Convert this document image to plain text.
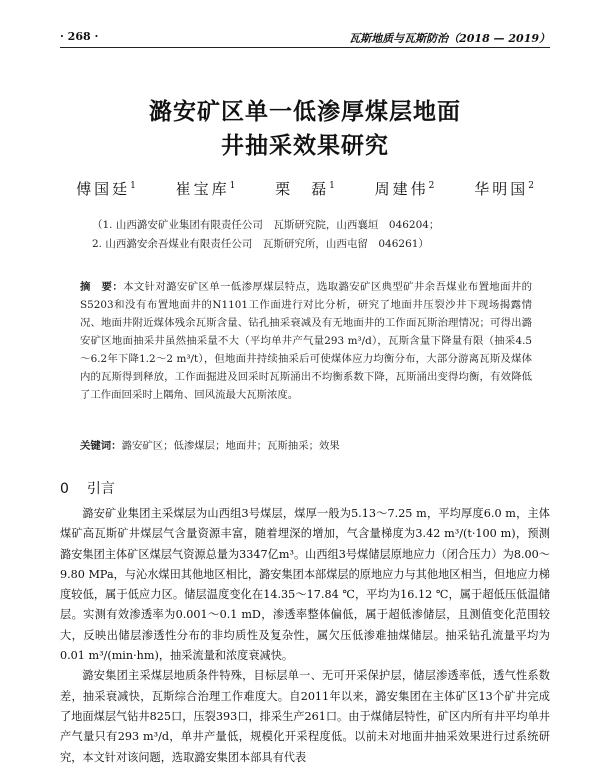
· 268 ·	瓦斯地质与瓦斯防治（2018 — 2019）
潞安矿区单一低渗厚煤层地面
井抽采效果研究
傅国廷$^1$	崔宝库$^1$	栗　磊$^1$	周建伟$^2$	华明国$^2$
（1. 山西潞安矿业集团有限责任公司　瓦斯研究院，山西襄垣　046204；
2. 山西潞安余吾煤业有限责任公司　瓦斯研究所，山西屯留　046261）
摘　要：本文针对潞安矿区单一低渗厚煤层特点，选取潞安矿区典型矿井余吾煤业布置地面井的S5203和没有布置地面井的N1101工作面进行对比分析，研究了地面井压裂沙井下现场揭露情况、地面井附近煤体残余瓦斯含量、钻孔抽采衰减及有无地面井的工作面瓦斯治理情况；可得出潞安矿区地面抽采井虽然抽采量不大（平均单井产气量293 m³/d），瓦斯含量下降量有限（抽采4.5～6.2年下降1.2～2 m³/t），但地面井持续抽采后可使煤体应力均衡分布，大部分游离瓦斯及煤体内的瓦斯得到释放，工作面掘进及回采时瓦斯涌出不均衡系数下降，瓦斯涌出变得均衡，有效降低了工作面回采时上隅角、回风流最大瓦斯浓度。
关键词：潞安矿区；低渗煤层；地面井；瓦斯抽采；效果
0 引言

潞安矿业集团主采煤层为山西组3号煤层，煤厚一般为5.13～7.25 m，平均厚度6.0 m，主体煤矿高瓦斯矿井煤层气含量资源丰富，随着埋深的增加，气含量梯度为3.42 m³/(t·100 m)，预测潞安集团主体矿区煤层气资源总量为3347亿m³。山西组3号煤储层原地应力（闭合压力）为8.00～9.80 MPa，与沁水煤田其他地区相比，潞安集团本部煤层的原地应力与其他地区相当，但地应力梯度较低，属于低应力区。储层温度变化在14.35～17.84 ℃，平均为16.12 ℃，属于超低压低温储层。实测有效渗透率为0.001～0.1 mD，渗透率整体偏低，属于超低渗储层，且测值变化范围较大，反映出储层渗透性分布的非均质性及复杂性，属欠压低渗难抽煤储层。抽采钻孔流量平均为0.01 m³/(min·hm)，抽采流量和浓度衰减快。

潞安集团主采煤层地质条件特殊，目标层单一、无可开采保护层，储层渗透率低，透气性系数差，抽采衰减快，瓦斯综合治理工作难度大。自2011年以来，潞安集团在主体矿区13个矿井完成了地面煤层气钻井825口，压裂393口，排采生产261口。由于煤储层特性，矿区内所有井平均单井产气量只有293 m³/d，单井产量低，规模化开采程度低。以前未对地面井抽采效果进行过系统研究，本文针对该问题，选取潞安集团本部具有代表
